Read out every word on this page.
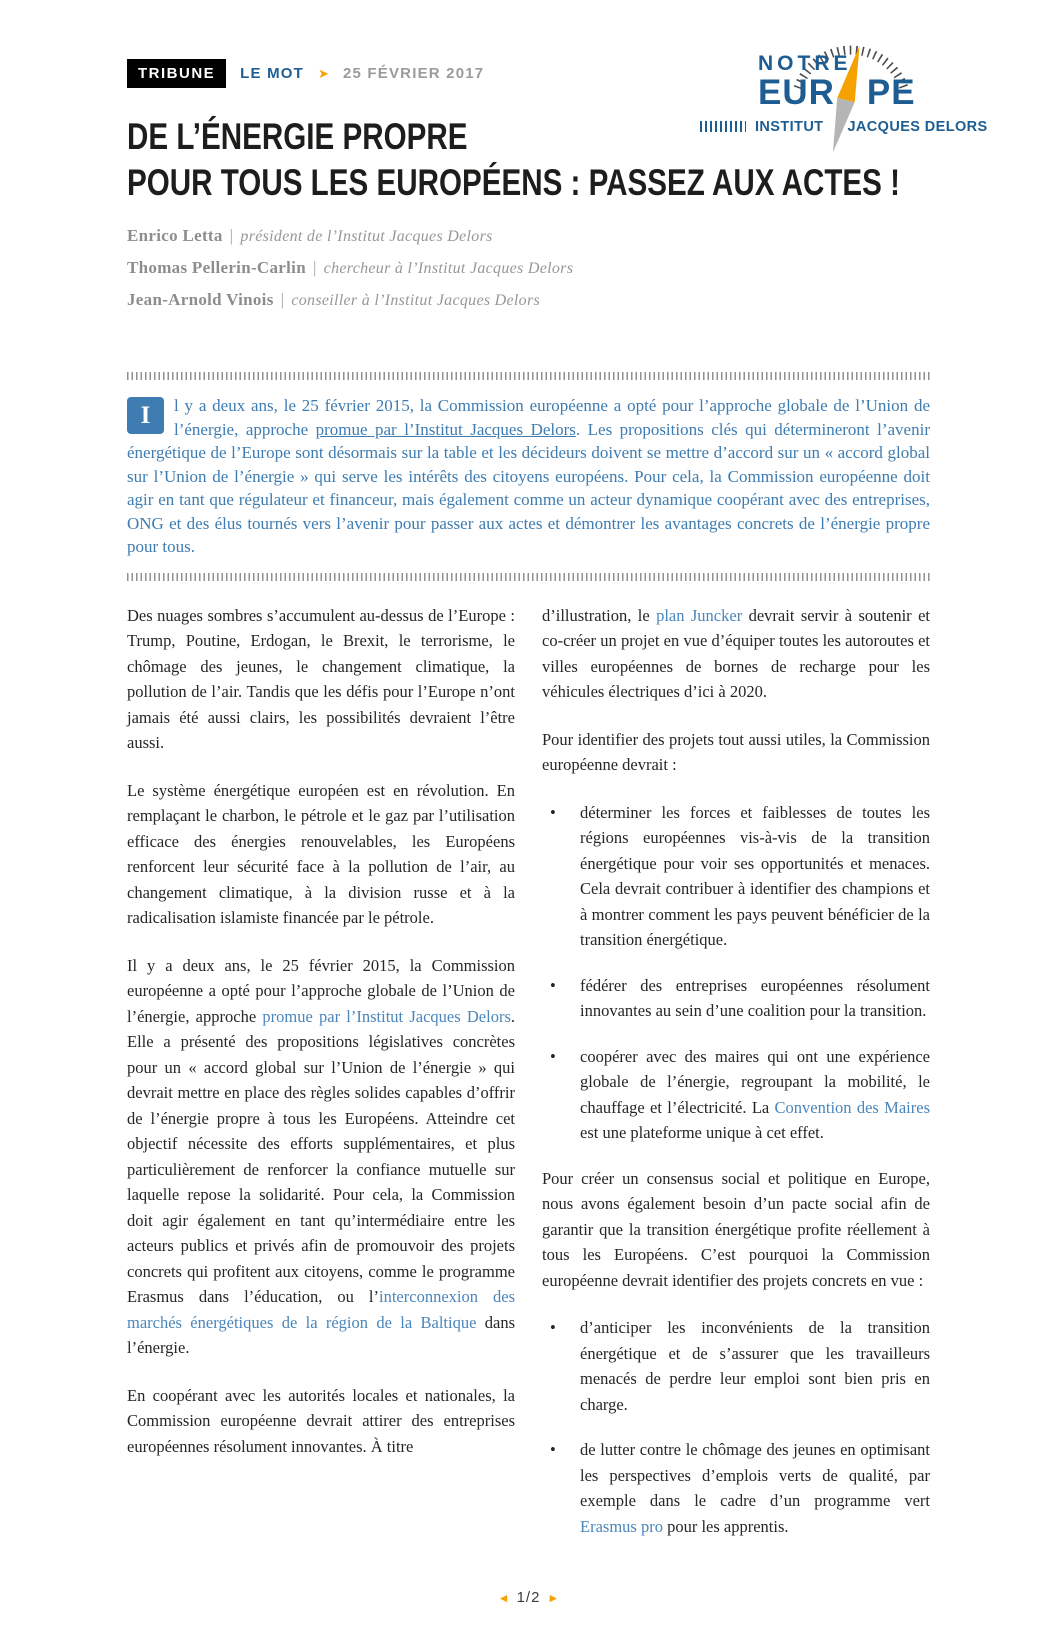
TRIBUNE	LE MOT ➤ 25 FÉVRIER 2017	NOTRE
EUR PE
INSTITUT JACQUES DELORS
DE L’ÉNERGIE PROPRE
POUR TOUS LES EUROPÉENS : PASSEZ AUX ACTES !
Enrico Letta | président de l’Institut Jacques Delors
Thomas Pellerin-Carlin | chercheur à l’Institut Jacques Delors
Jean-Arnold Vinois | conseiller à l’Institut Jacques Delors

I	l y a deux ans, le 25 février 2015, la Commission européenne a opté pour l’approche globale de l’Union de l’énergie, approche promue par l’Institut Jacques Delors. Les propositions clés qui détermineront l’avenir énergétique de l’Europe sont désormais sur la table et les décideurs doivent se mettre d’accord sur un « accord global sur l’Union de l’énergie » qui serve les intérêts des citoyens européens. Pour cela, la Commission européenne doit agir en tant que régulateur et financeur, mais également comme un acteur dynamique coopérant avec des entreprises, ONG et des élus tournés vers l’avenir pour passer aux actes et démontrer les avantages concrets de l’énergie propre pour tous.

Des nuages sombres s’accumulent au-dessus de l’Europe : Trump, Poutine, Erdogan, le Brexit, le terrorisme, le chômage des jeunes, le changement climatique, la pollution de l’air. Tandis que les défis pour l’Europe n’ont jamais été aussi clairs, les possibilités devraient l’être aussi.

Le système énergétique européen est en révolution. En remplaçant le charbon, le pétrole et le gaz par l’utilisation efficace des énergies renouvelables, les Européens renforcent leur sécurité face à la pollution de l’air, au changement climatique, à la division russe et à la radicalisation islamiste financée par le pétrole.

Il y a deux ans, le 25 février 2015, la Commission européenne a opté pour l’approche globale de l’Union de l’énergie, approche promue par l’Institut Jacques Delors. Elle a présenté des propositions législatives concrètes pour un « accord global sur l’Union de l’énergie » qui devrait mettre en place des règles solides capables d’offrir de l’énergie propre à tous les Européens. Atteindre cet objectif nécessite des efforts supplémentaires, et plus particulièrement de renforcer la confiance mutuelle sur laquelle repose la solidarité. Pour cela, la Commission doit agir également en tant qu’intermédiaire entre les acteurs publics et privés afin de promouvoir des projets concrets qui profitent aux citoyens, comme le programme Erasmus dans l’éducation, ou l’interconnexion des marchés énergétiques de la région de la Baltique dans l’énergie.

En coopérant avec les autorités locales et nationales, la Commission européenne devrait attirer des entreprises européennes résolument innovantes. À titre

d’illustration, le plan Juncker devrait servir à soutenir et co-créer un projet en vue d’équiper toutes les autoroutes et villes européennes de bornes de recharge pour les véhicules électriques d’ici à 2020.

Pour identifier des projets tout aussi utiles, la Commission européenne devrait :

• déterminer les forces et faiblesses de toutes les régions européennes vis-à-vis de la transition énergétique pour voir ses opportunités et menaces. Cela devrait contribuer à identifier des champions et à montrer comment les pays peuvent bénéficier de la transition énergétique.
• fédérer des entreprises européennes résolument innovantes au sein d’une coalition pour la transition.
• coopérer avec des maires qui ont une expérience globale de l’énergie, regroupant la mobilité, le chauffage et l’électricité. La Convention des Maires est une plateforme unique à cet effet.

Pour créer un consensus social et politique en Europe, nous avons également besoin d’un pacte social afin de garantir que la transition énergétique profite réellement à tous les Européens. C’est pourquoi la Commission européenne devrait identifier des projets concrets en vue :

• d’anticiper les inconvénients de la transition énergétique et de s’assurer que les travailleurs menacés de perdre leur emploi sont bien pris en charge.
• de lutter contre le chômage des jeunes en optimisant les perspectives d’emplois verts de qualité, par exemple dans le cadre d’un programme vert Erasmus pro pour les apprentis.
◄ 1/2 ►
